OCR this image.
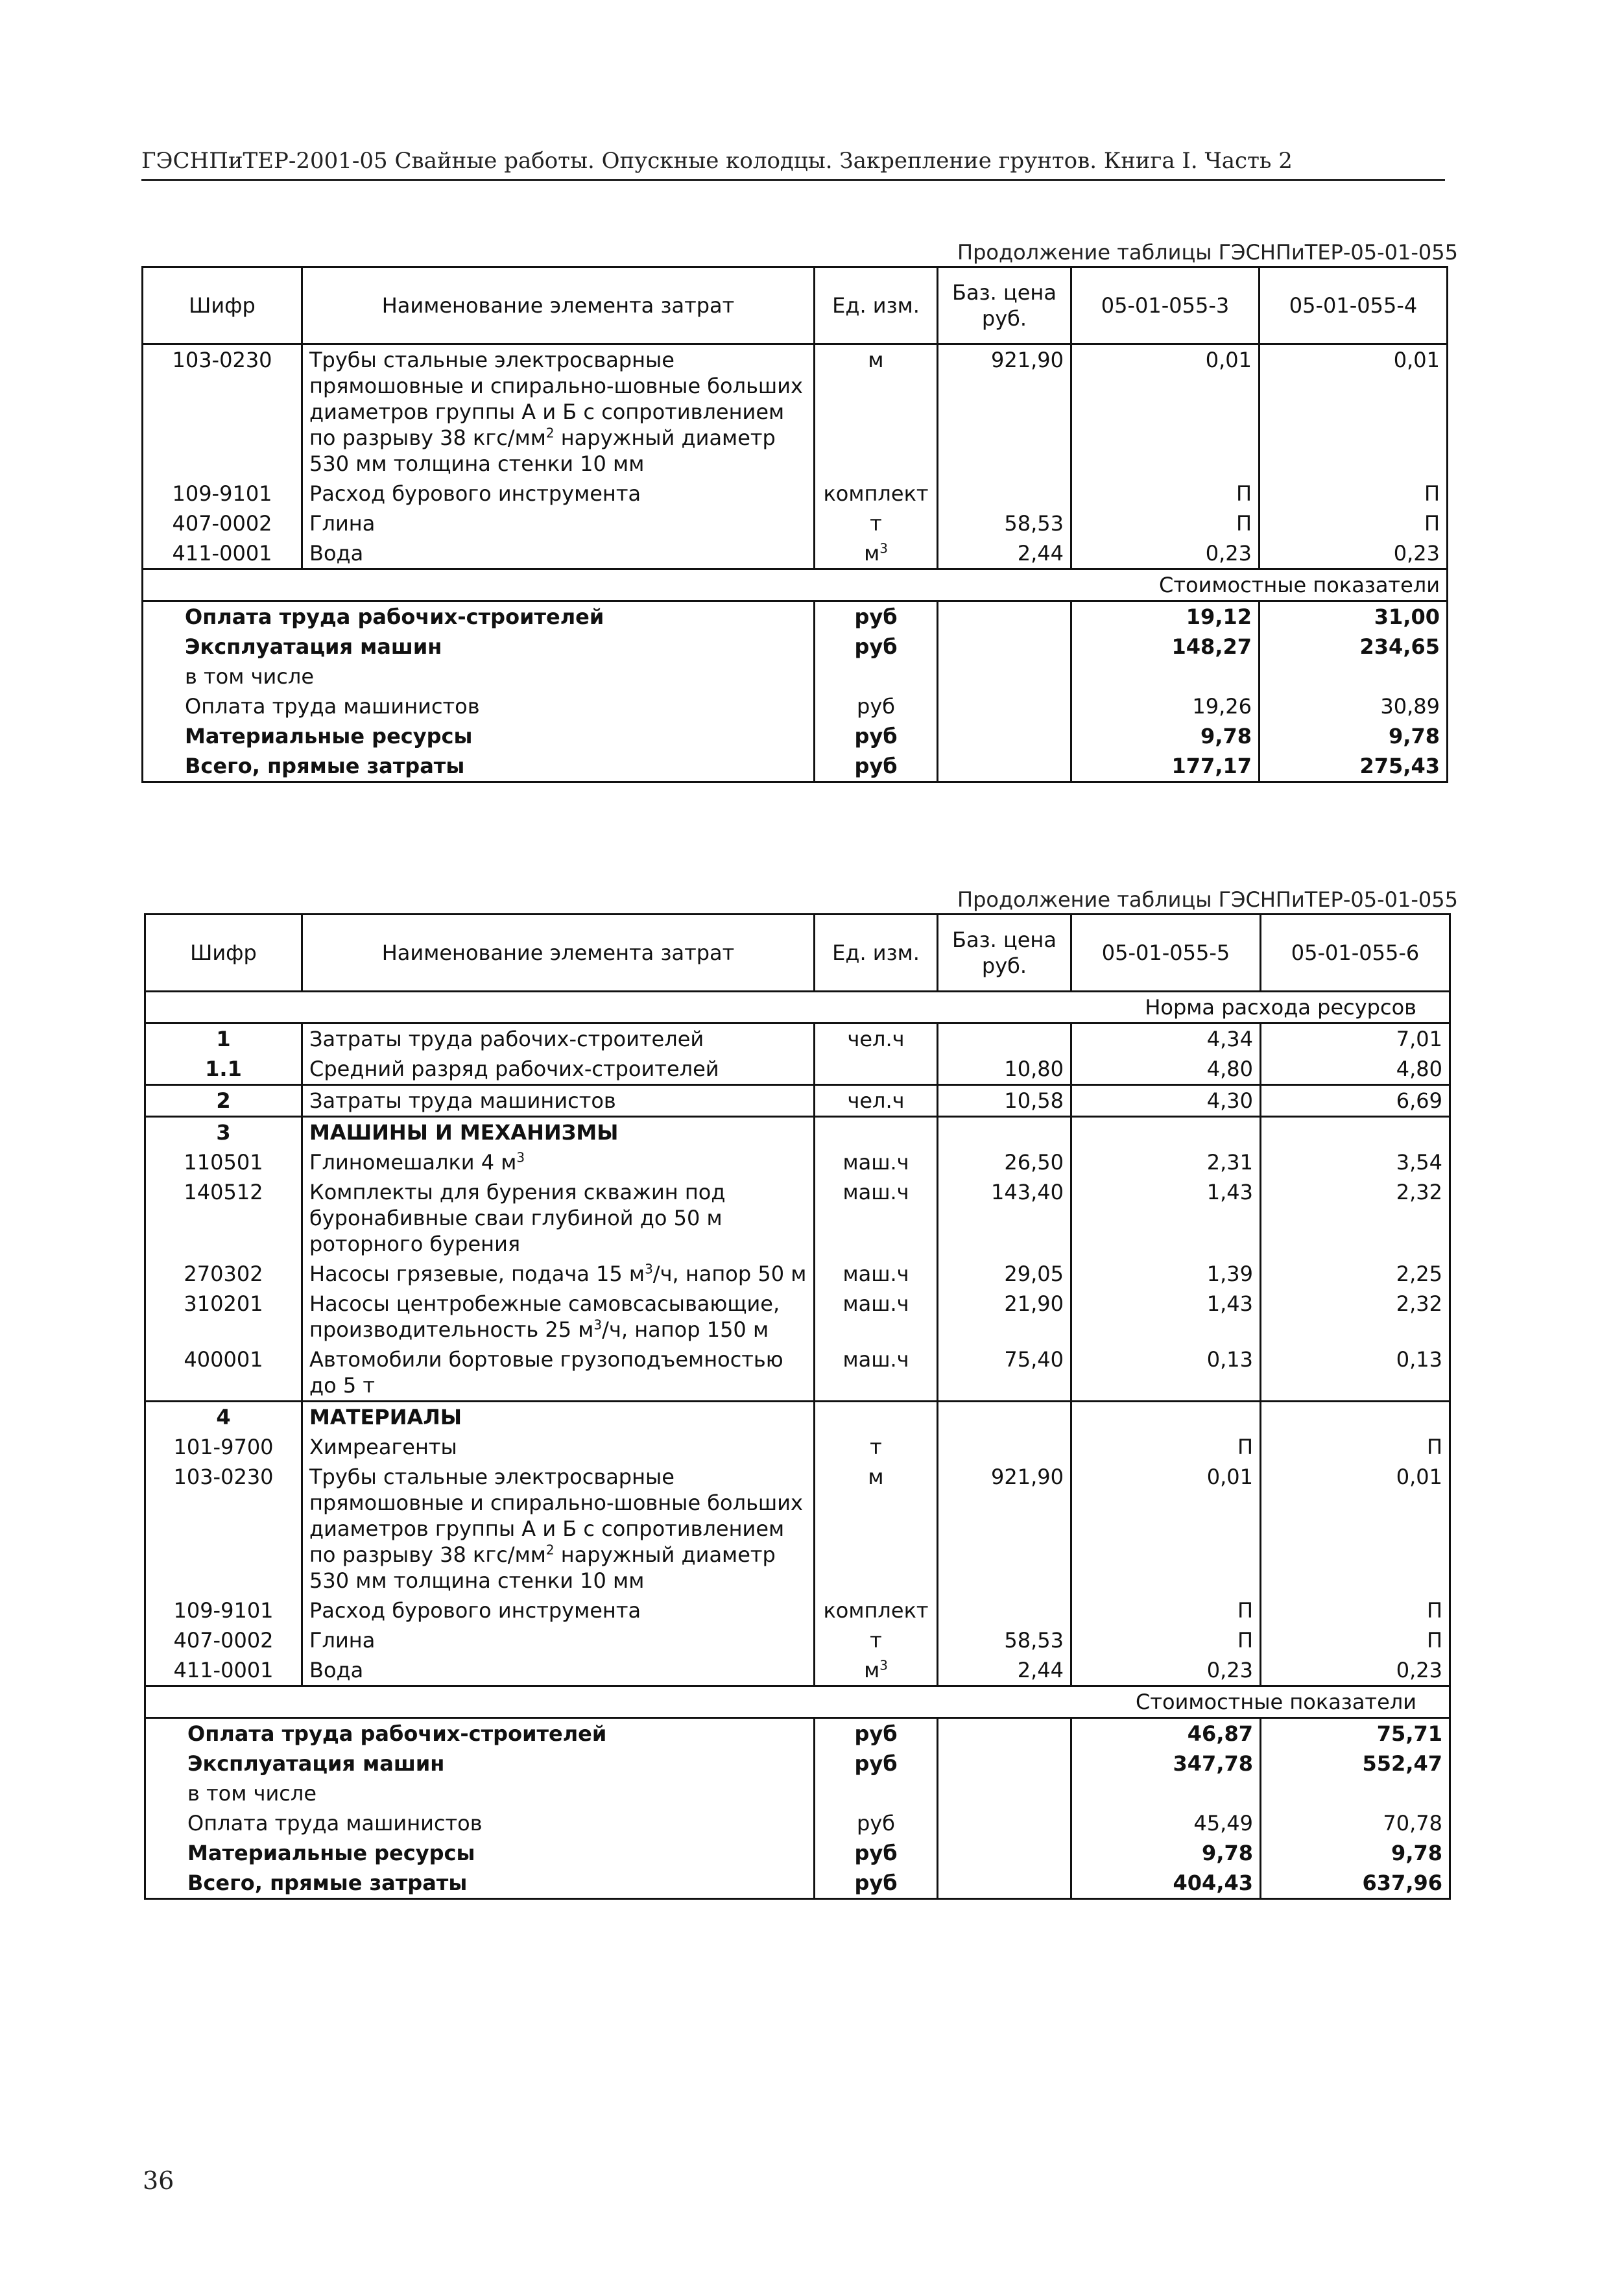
ГЭСНПиТЕР-2001-05 Свайные работы. Опускные колодцы. Закрепление грунтов. Книга I. Часть 2
Продолжение таблицы ГЭСНПиТЕР-05-01-055
Шифр	Наименование элемента затрат	Ед. изм.	Баз. цена руб.	05-01-055-3	05-01-055-4
103-0230	Трубы стальные электросварные прямошовные и спирально-шовные больших диаметров группы А и Б с сопротивлением по разрыву 38 кгс/$мм^2$ наружный диаметр 530 мм толщина стенки 10 мм	м	921,90	0,01	0,01
109-9101	Расход бурового инструмента	комплект		П	П
407-0002	Глина	т	58,53	П	П
411-0001	Вода	$м^3$	2,44	0,23	0,23
Стоимостные показатели					
Оплата труда рабочих-строителей		руб		19,12	31,00
Эксплуатация машин		руб		148,27	234,65
в том числе					
Оплата труда машинистов		руб		19,26	30,89
Материальные ресурсы		руб		9,78	9,78
Всего, прямые затраты		руб		177,17	275,43
Продолжение таблицы ГЭСНПиТЕР-05-01-055
Шифр	Наименование элемента затрат	Ед. изм.	Баз. цена руб.	05-01-055-5	05-01-055-6
Норма расхода ресурсов					
1	Затраты труда рабочих-строителей	чел.ч		4,34	7,01
1.1	Средний разряд рабочих-строителей		10,80	4,80	4,80
2	Затраты труда машинистов	чел.ч	10,58	4,30	6,69
3	МАШИНЫ И МЕХАНИЗМЫ				
110501	Глиномешалки 4 $м^3$	маш.ч	26,50	2,31	3,54
140512	Комплекты для бурения скважин под буронабивные сваи глубиной до 50 м роторного бурения	маш.ч	143,40	1,43	2,32
270302	Насосы грязевые, подача 15 $м^3/ч$, напор 50 м	маш.ч	29,05	1,39	2,25
310201	Насосы центробежные самовсасывающие, производительность 25 $м^3/ч$, напор 150 м	маш.ч	21,90	1,43	2,32
400001	Автомобили бортовые грузоподъемностью до 5 т	маш.ч	75,40	0,13	0,13
4	МАТЕРИАЛЫ				
101-9700	Химреагенты	т		П	П
103-0230	Трубы стальные электросварные прямошовные и спирально-шовные больших диаметров группы А и Б с сопротивлением по разрыву 38 кгс/$мм^2$ наружный диаметр 530 мм толщина стенки 10 мм	м	921,90	0,01	0,01
109-9101	Расход бурового инструмента	комплект		П	П
407-0002	Глина	т	58,53	П	П
411-0001	Вода	$м^3$	2,44	0,23	0,23
Стоимостные показатели					
Оплата труда рабочих-строителей		руб		46,87	75,71
Эксплуатация машин		руб		347,78	552,47
в том числе					
Оплата труда машинистов		руб		45,49	70,78
Материальные ресурсы		руб		9,78	9,78
Всего, прямые затраты		руб		404,43	637,96
36
